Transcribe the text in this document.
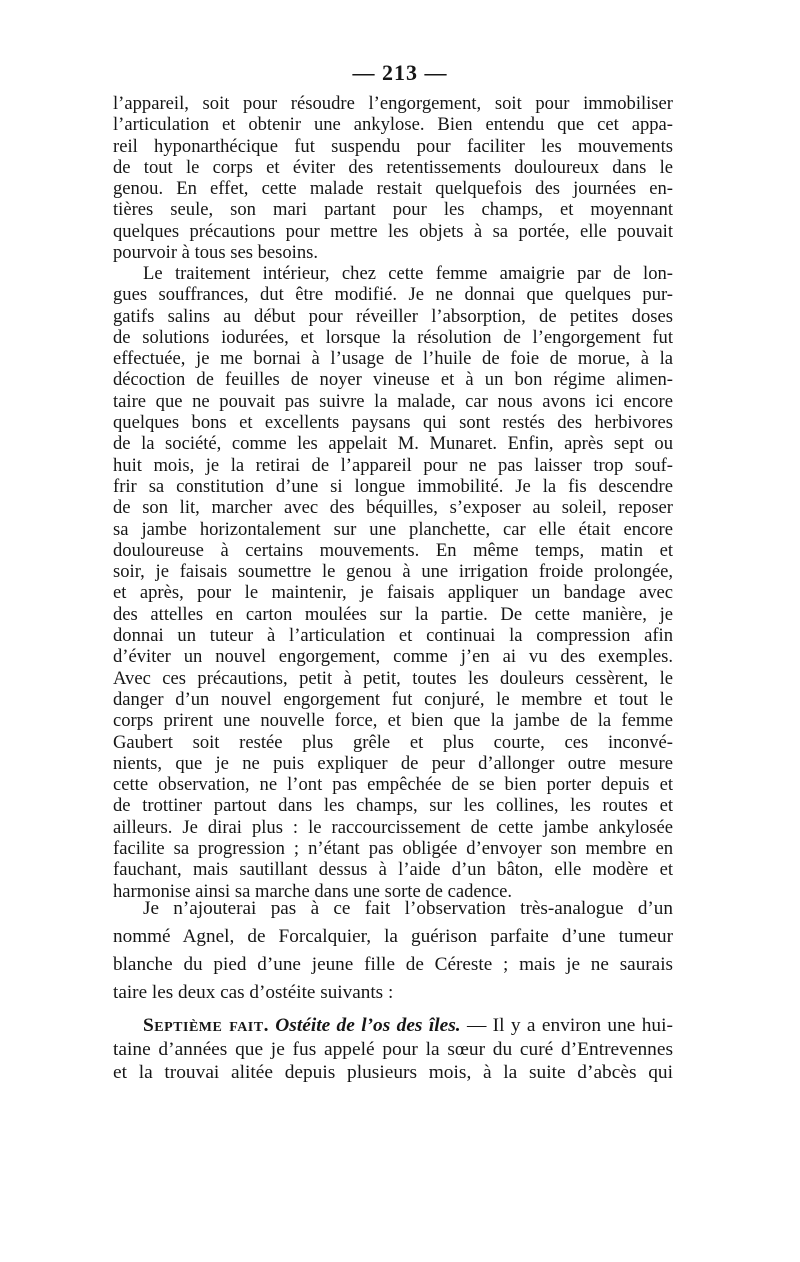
— 213 —
l’appareil, soit pour résoudre l’engorgement, soit pour immobiliser
l’articulation et obtenir une ankylose. Bien entendu que cet appa-
reil hyponarthécique fut suspendu pour faciliter les mouvements
de tout le corps et éviter des retentissements douloureux dans le
genou. En effet, cette malade restait quelquefois des journées en-
tières seule, son mari partant pour les champs, et moyennant
quelques précautions pour mettre les objets à sa portée, elle pouvait
pourvoir à tous ses besoins.
Le traitement intérieur, chez cette femme amaigrie par de lon-
gues souffrances, dut être modifié. Je ne donnai que quelques pur-
gatifs salins au début pour réveiller l’absorption, de petites doses
de solutions iodurées, et lorsque la résolution de l’engorgement fut
effectuée, je me bornai à l’usage de l’huile de foie de morue, à la
décoction de feuilles de noyer vineuse et à un bon régime alimen-
taire que ne pouvait pas suivre la malade, car nous avons ici encore
quelques bons et excellents paysans qui sont restés des herbivores
de la société, comme les appelait M. Munaret. Enfin, après sept ou
huit mois, je la retirai de l’appareil pour ne pas laisser trop souf-
frir sa constitution d’une si longue immobilité. Je la fis descendre
de son lit, marcher avec des béquilles, s’exposer au soleil, reposer
sa jambe horizontalement sur une planchette, car elle était encore
douloureuse à certains mouvements. En même temps, matin et
soir, je faisais soumettre le genou à une irrigation froide prolongée,
et après, pour le maintenir, je faisais appliquer un bandage avec
des attelles en carton moulées sur la partie. De cette manière, je
donnai un tuteur à l’articulation et continuai la compression afin
d’éviter un nouvel engorgement, comme j’en ai vu des exemples.
Avec ces précautions, petit à petit, toutes les douleurs cessèrent, le
danger d’un nouvel engorgement fut conjuré, le membre et tout le
corps prirent une nouvelle force, et bien que la jambe de la femme
Gaubert soit restée plus grêle et plus courte, ces inconvé-
nients, que je ne puis expliquer de peur d’allonger outre mesure
cette observation, ne l’ont pas empêchée de se bien porter depuis et
de trottiner partout dans les champs, sur les collines, les routes et
ailleurs. Je dirai plus : le raccourcissement de cette jambe ankylosée
facilite sa progression ; n’étant pas obligée d’envoyer son membre en
fauchant, mais sautillant dessus à l’aide d’un bâton, elle modère et
harmonise ainsi sa marche dans une sorte de cadence.
Je n’ajouterai pas à ce fait l’observation très-analogue d’un
nommé Agnel, de Forcalquier, la guérison parfaite d’une tumeur
blanche du pied d’une jeune fille de Céreste ; mais je ne saurais
taire les deux cas d’ostéite suivants :
Septième fait. Ostéite de l’os des îles. — Il y a environ une hui-
taine d’années que je fus appelé pour la sœur du curé d’Entrevennes
et la trouvai alitée depuis plusieurs mois, à la suite d’abcès qui
